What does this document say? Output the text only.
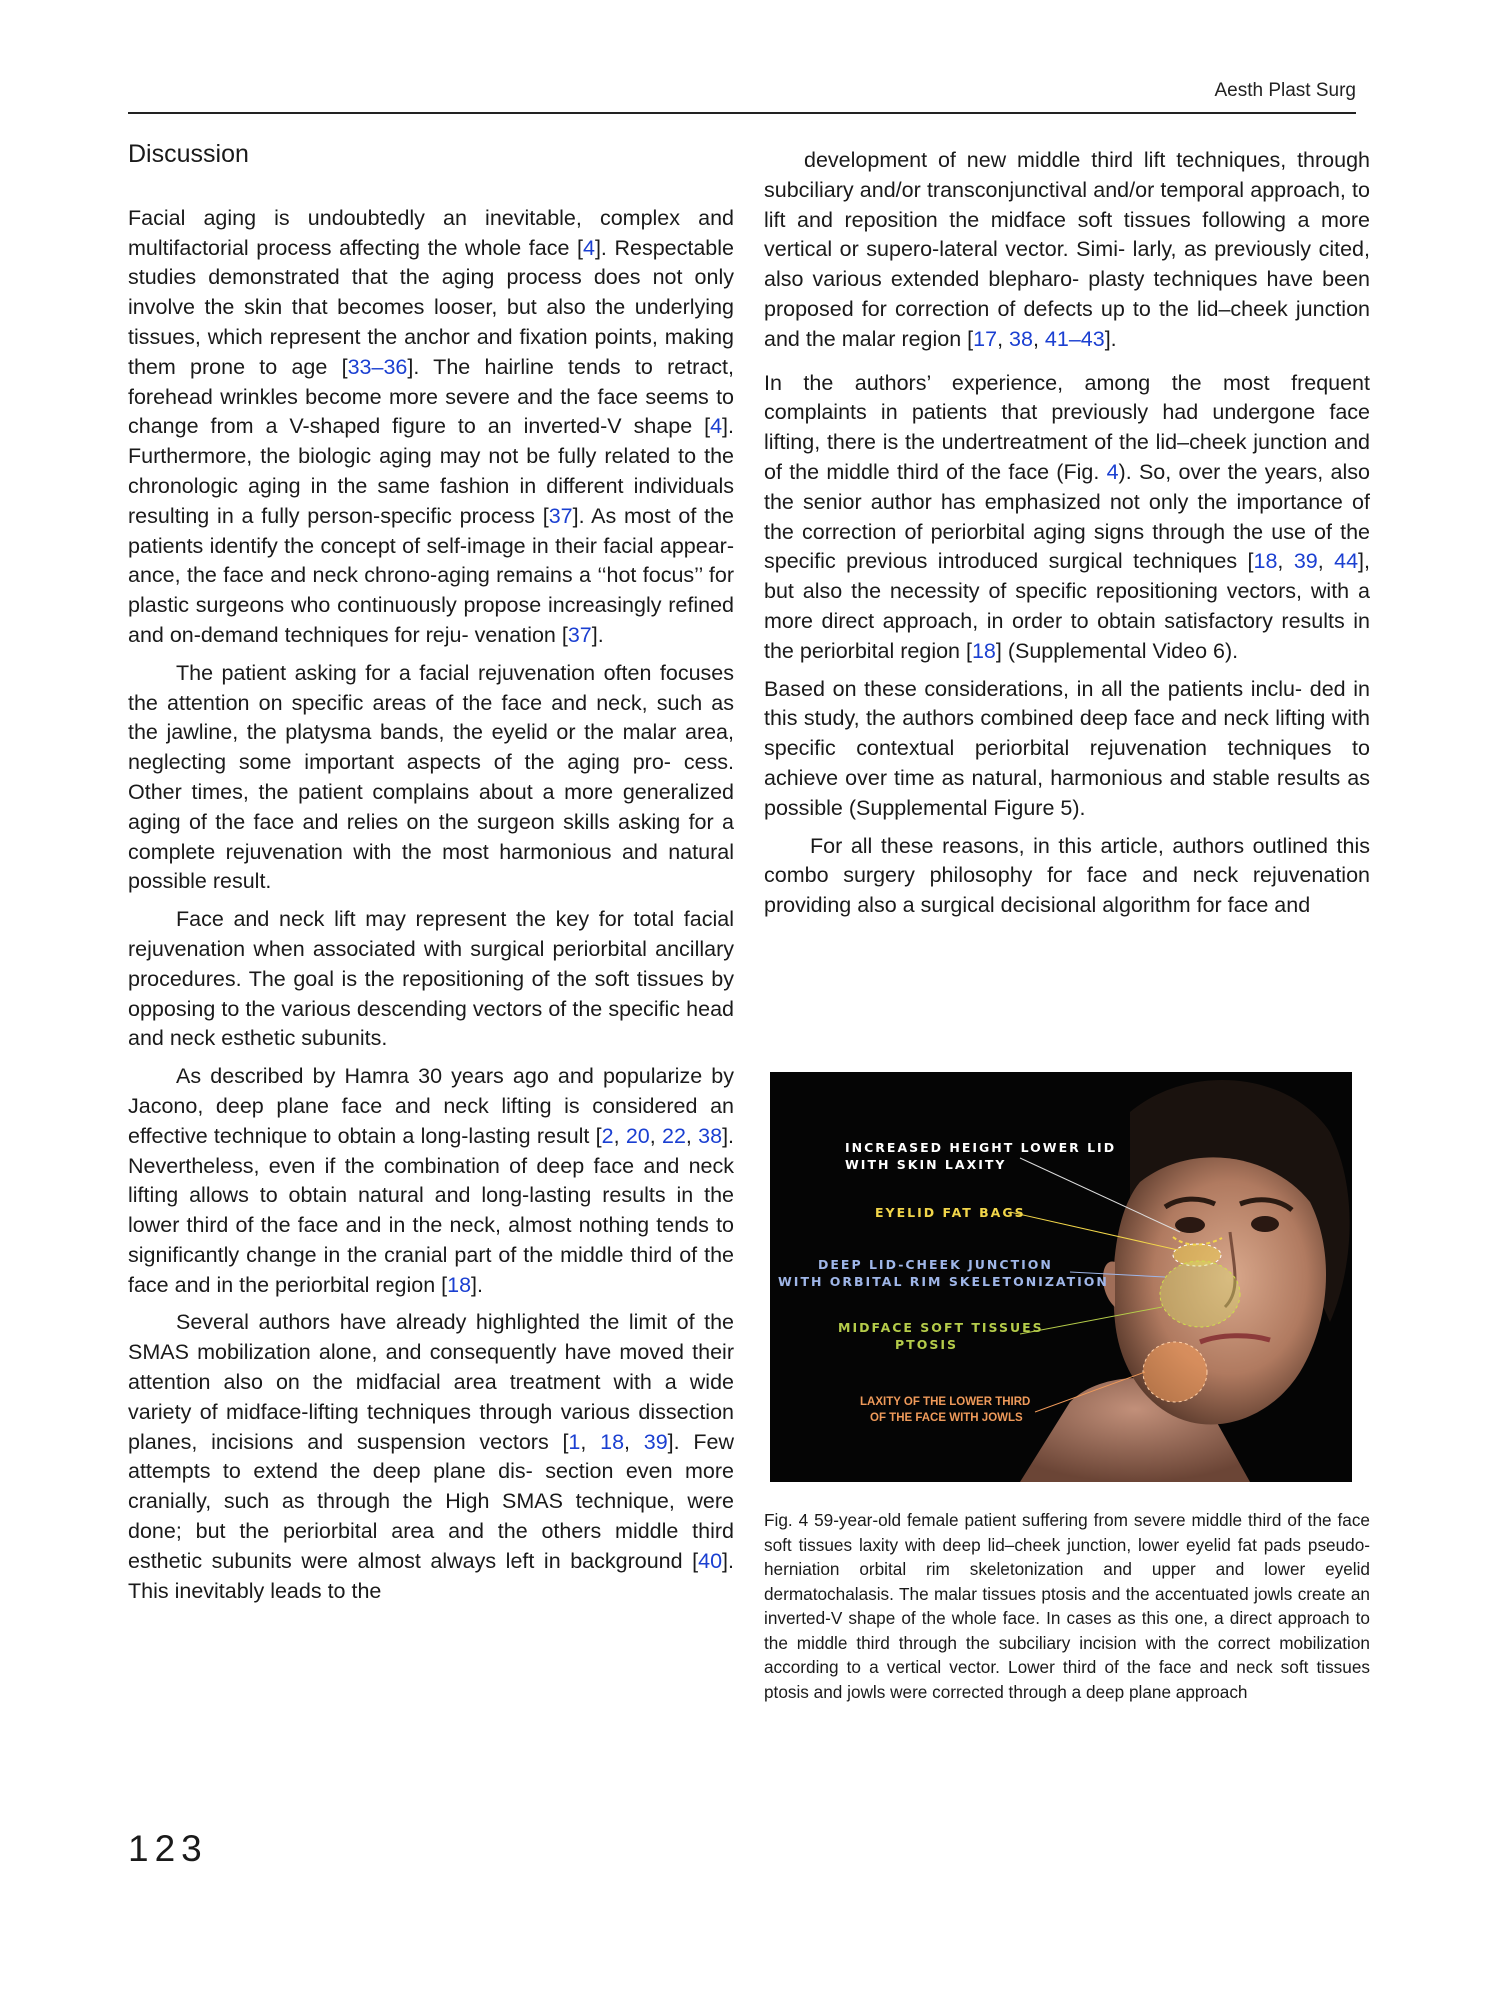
Aesth Plast Surg
Discussion

Facial aging is undoubtedly an inevitable, complex and multifactorial process affecting the whole face [4]. Respectable studies demonstrated that the aging process does not only involve the skin that becomes looser, but also the underlying tissues, which represent the anchor and fixation points, making them prone to age [33–36]. The hairline tends to retract, forehead wrinkles become more severe and the face seems to change from a V-shaped figure to an inverted-V shape [4]. Furthermore, the biologic aging may not be fully related to the chronologic aging in the same fashion in different individuals resulting in a fully person-specific process [37]. As most of the patients identify the concept of self-image in their facial appear- ance, the face and neck chrono-aging remains a ‘‘hot focus’’ for plastic surgeons who continuously propose increasingly refined and on-demand techniques for reju- venation [37].

The patient asking for a facial rejuvenation often focuses the attention on specific areas of the face and neck, such as the jawline, the platysma bands, the eyelid or the malar area, neglecting some important aspects of the aging pro- cess. Other times, the patient complains about a more generalized aging of the face and relies on the surgeon skills asking for a complete rejuvenation with the most harmonious and natural possible result.

Face and neck lift may represent the key for total facial rejuvenation when associated with surgical periorbital ancillary procedures. The goal is the repositioning of the soft tissues by opposing to the various descending vectors of the specific head and neck esthetic subunits.

As described by Hamra 30 years ago and popularize by Jacono, deep plane face and neck lifting is considered an effective technique to obtain a long-lasting result [2, 20, 22, 38]. Nevertheless, even if the combination of deep face and neck lifting allows to obtain natural and long-lasting results in the lower third of the face and in the neck, almost nothing tends to significantly change in the cranial part of the middle third of the face and in the periorbital region [18].

Several authors have already highlighted the limit of the SMAS mobilization alone, and consequently have moved their attention also on the midfacial area treatment with a wide variety of midface-lifting techniques through various dissection planes, incisions and suspension vectors [1, 18, 39]. Few attempts to extend the deep plane dis- section even more cranially, such as through the High SMAS technique, were done; but the periorbital area and the others middle third esthetic subunits were almost always left in background [40]. This inevitably leads to the

development of new middle third lift techniques, through subciliary and/or transconjunctival and/or temporal approach, to lift and reposition the midface soft tissues following a more vertical or supero-lateral vector. Simi- larly, as previously cited, also various extended blepharo- plasty techniques have been proposed for correction of defects up to the lid–cheek junction and the malar region [17, 38, 41–43].

In the authors’ experience, among the most frequent complaints in patients that previously had undergone face lifting, there is the undertreatment of the lid–cheek junction and of the middle third of the face (Fig. 4). So, over the years, also the senior author has emphasized not only the importance of the correction of periorbital aging signs through the use of the specific previous introduced surgical techniques [18, 39, 44], but also the necessity of specific repositioning vectors, with a more direct approach, in order to obtain satisfactory results in the periorbital region [18] (Supplemental Video 6).

Based on these considerations, in all the patients inclu- ded in this study, the authors combined deep face and neck lifting with specific contextual periorbital rejuvenation techniques to achieve over time as natural, harmonious and stable results as possible (Supplemental Figure 5).

For all these reasons, in this article, authors outlined this combo surgery philosophy for face and neck rejuvenation providing also a surgical decisional algorithm for face and

INCREASED HEIGHT LOWER LID
WITH SKIN LAXITY
EYELID FAT BAGS
DEEP LID-CHEEK JUNCTION
WITH ORBITAL RIM SKELETONIZATION
MIDFACE SOFT TISSUES
PTOSIS
LAXITY OF THE LOWER THIRD
OF THE FACE WITH JOWLS

Fig. 4 59-year-old female patient suffering from severe middle third of the face soft tissues laxity with deep lid–cheek junction, lower eyelid fat pads pseudo-herniation orbital rim skeletonization and upper and lower eyelid dermatochalasis. The malar tissues ptosis and the accentuated jowls create an inverted-V shape of the whole face. In cases as this one, a direct approach to the middle third through the subciliary incision with the correct mobilization according to a vertical vector. Lower third of the face and neck soft tissues ptosis and jowls were corrected through a deep plane approach

123
